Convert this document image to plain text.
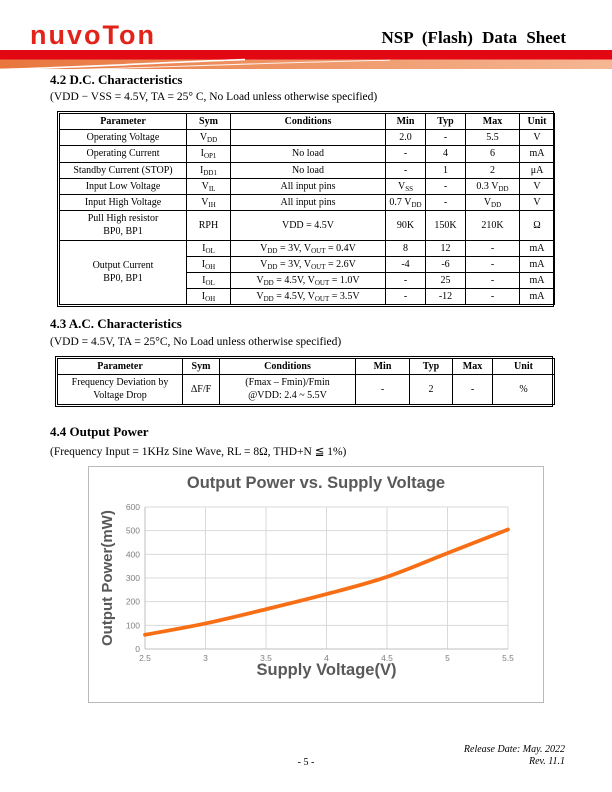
nuvoTon	NSP (Flash) Data Sheet
4.2 D.C. Characteristics
(VDD − VSS = 4.5V, TA = 25° C, No Load unless otherwise specified)
Parameter	Sym	Conditions	Min	Typ	Max	Unit
Operating Voltage	$V_{DD}$		2.0	-	5.5	V
Operating Current	$I_{OP1}$	No load	-	4	6	mA
Standby Current (STOP)	$I_{DD1}$	No load	-	1	2	μA
Input Low Voltage	$V_{IL}$	All input pins	$V_{SS}$	-	0.3 $V_{DD}$	V
Input High Voltage	$V_{IH}$	All input pins	0.7 $V_{DD}$	-	$V_{DD}$	V
Pull High resistor
BP0, BP1	RPH	VDD = 4.5V	90K	150K	210K	Ω
Output Current
BP0, BP1	$I_{OL}$	$V_{DD} = 3V$, $V_{OUT} = 0.4V$	8	12	-	mA
	$I_{OH}$	$V_{DD} = 3V$, $V_{OUT} = 2.6V$	-4	-6	-	mA
	$I_{OL}$	$V_{DD} = 4.5V$, $V_{OUT} = 1.0V$	-	25	-	mA
	$I_{OH}$	$V_{DD} = 4.5V$, $V_{OUT} = 3.5V$	-	-12	-	mA
4.3 A.C. Characteristics
(VDD = 4.5V, TA = 25°C, No Load unless otherwise specified)
Parameter	Sym	Conditions	Min	Typ	Max	Unit
Frequency Deviation by
Voltage Drop	ΔF/F	(Fmax – Fmin)/Fmin
@VDD: 2.4 ~ 5.5V	-	2	-	%
4.4 Output Power
(Frequency Input = 1KHz Sine Wave, RL = 8Ω, THD+N ≦ 1%)
0
100
200
300
400
500
600
2.5	3	3.5	4	4.5	5	5.5
Output Power vs. Supply Voltage
Output Power(mW)
Supply Voltage(V)
Release Date: May. 2022
Rev. 11.1
- 5 -
